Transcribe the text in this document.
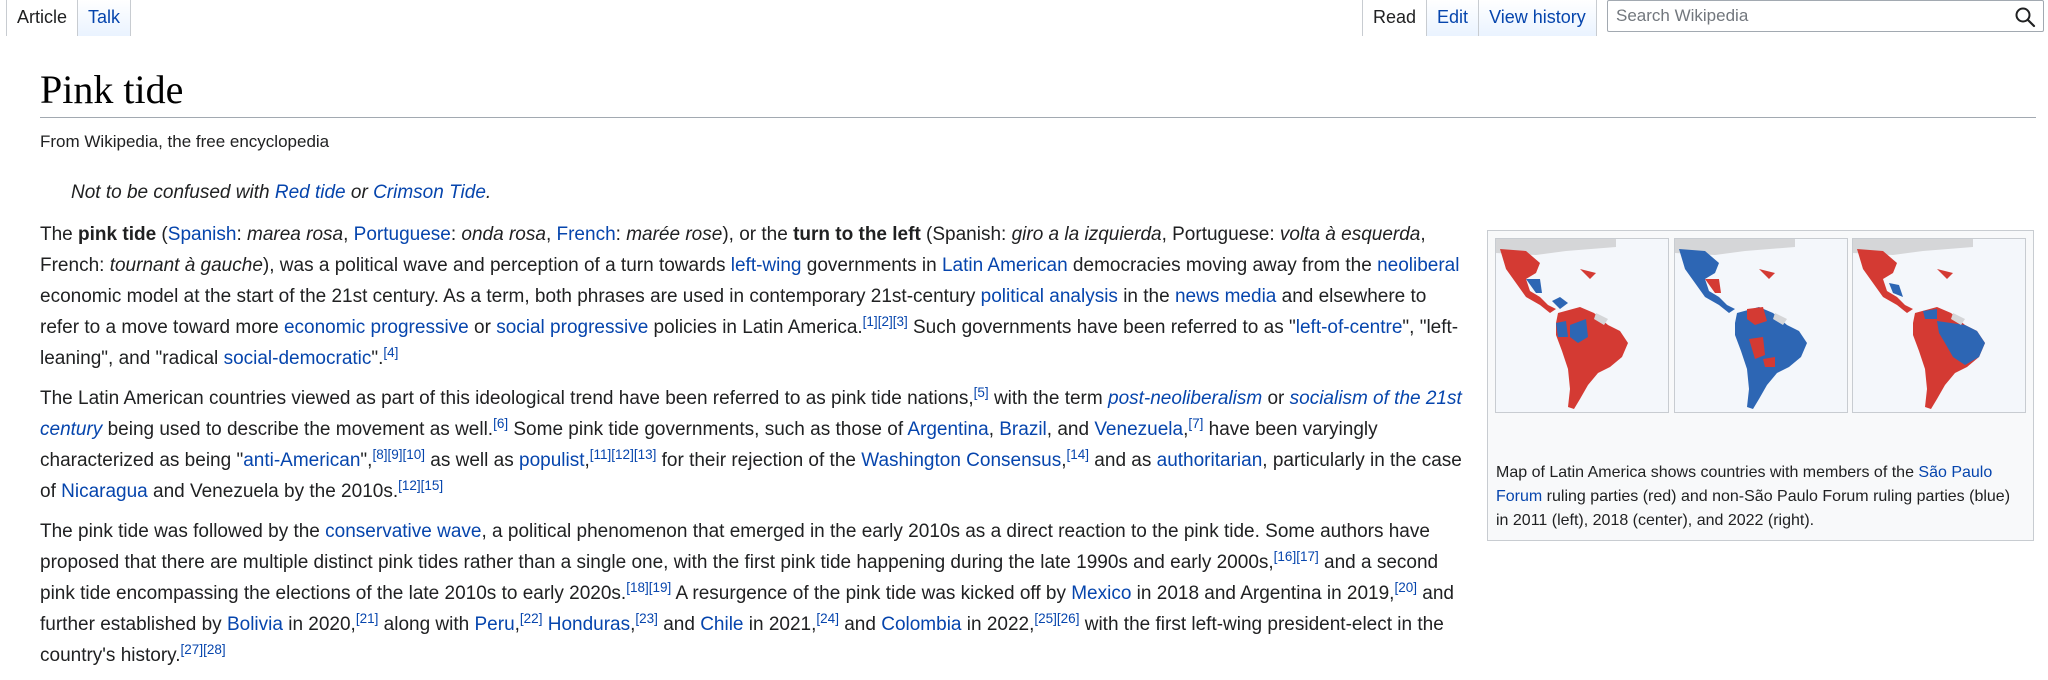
Article	Talk	Read	Edit	View history
Search Wikipedia
Pink tide
From Wikipedia, the free encyclopedia
Not to be confused with Red tide or Crimson Tide.
Map of Latin America shows countries with members of the São Paulo Forum ruling parties (red) and non-São Paulo Forum ruling parties (blue) in 2011 (left), 2018 (center), and 2022 (right).

The pink tide (Spanish: marea rosa, Portuguese: onda rosa, French: marée rose), or the turn to the left (Spanish: giro a la izquierda, Portuguese: volta à esquerda, French: tournant à gauche), was a political wave and perception of a turn towards left-wing governments in Latin American democracies moving away from the neoliberal economic model at the start of the 21st century. As a term, both phrases are used in contemporary 21st-century political analysis in the news media and elsewhere to refer to a move toward more economic progressive or social progressive policies in Latin America.[1][2][3] Such governments have been referred to as "left-of-centre", "left-leaning", and "radical social-democratic".[4]

The Latin American countries viewed as part of this ideological trend have been referred to as pink tide nations,[5] with the term post-neoliberalism or socialism of the 21st century being used to describe the movement as well.[6] Some pink tide governments, such as those of Argentina, Brazil, and Venezuela,[7] have been varyingly characterized as being "anti-American",[8][9][10] as well as populist,[11][12][13] for their rejection of the Washington Consensus,[14] and as authoritarian, particularly in the case of Nicaragua and Venezuela by the 2010s.[12][15]

The pink tide was followed by the conservative wave, a political phenomenon that emerged in the early 2010s as a direct reaction to the pink tide. Some authors have proposed that there are multiple distinct pink tides rather than a single one, with the first pink tide happening during the late 1990s and early 2000s,[16][17] and a second pink tide encompassing the elections of the late 2010s to early 2020s.[18][19] A resurgence of the pink tide was kicked off by Mexico in 2018 and Argentina in 2019,[20] and further established by Bolivia in 2020,[21] along with Peru,[22] Honduras,[23] and Chile in 2021,[24] and Colombia in 2022,[25][26] with the first left-wing president-elect in the country's history.[27][28]
